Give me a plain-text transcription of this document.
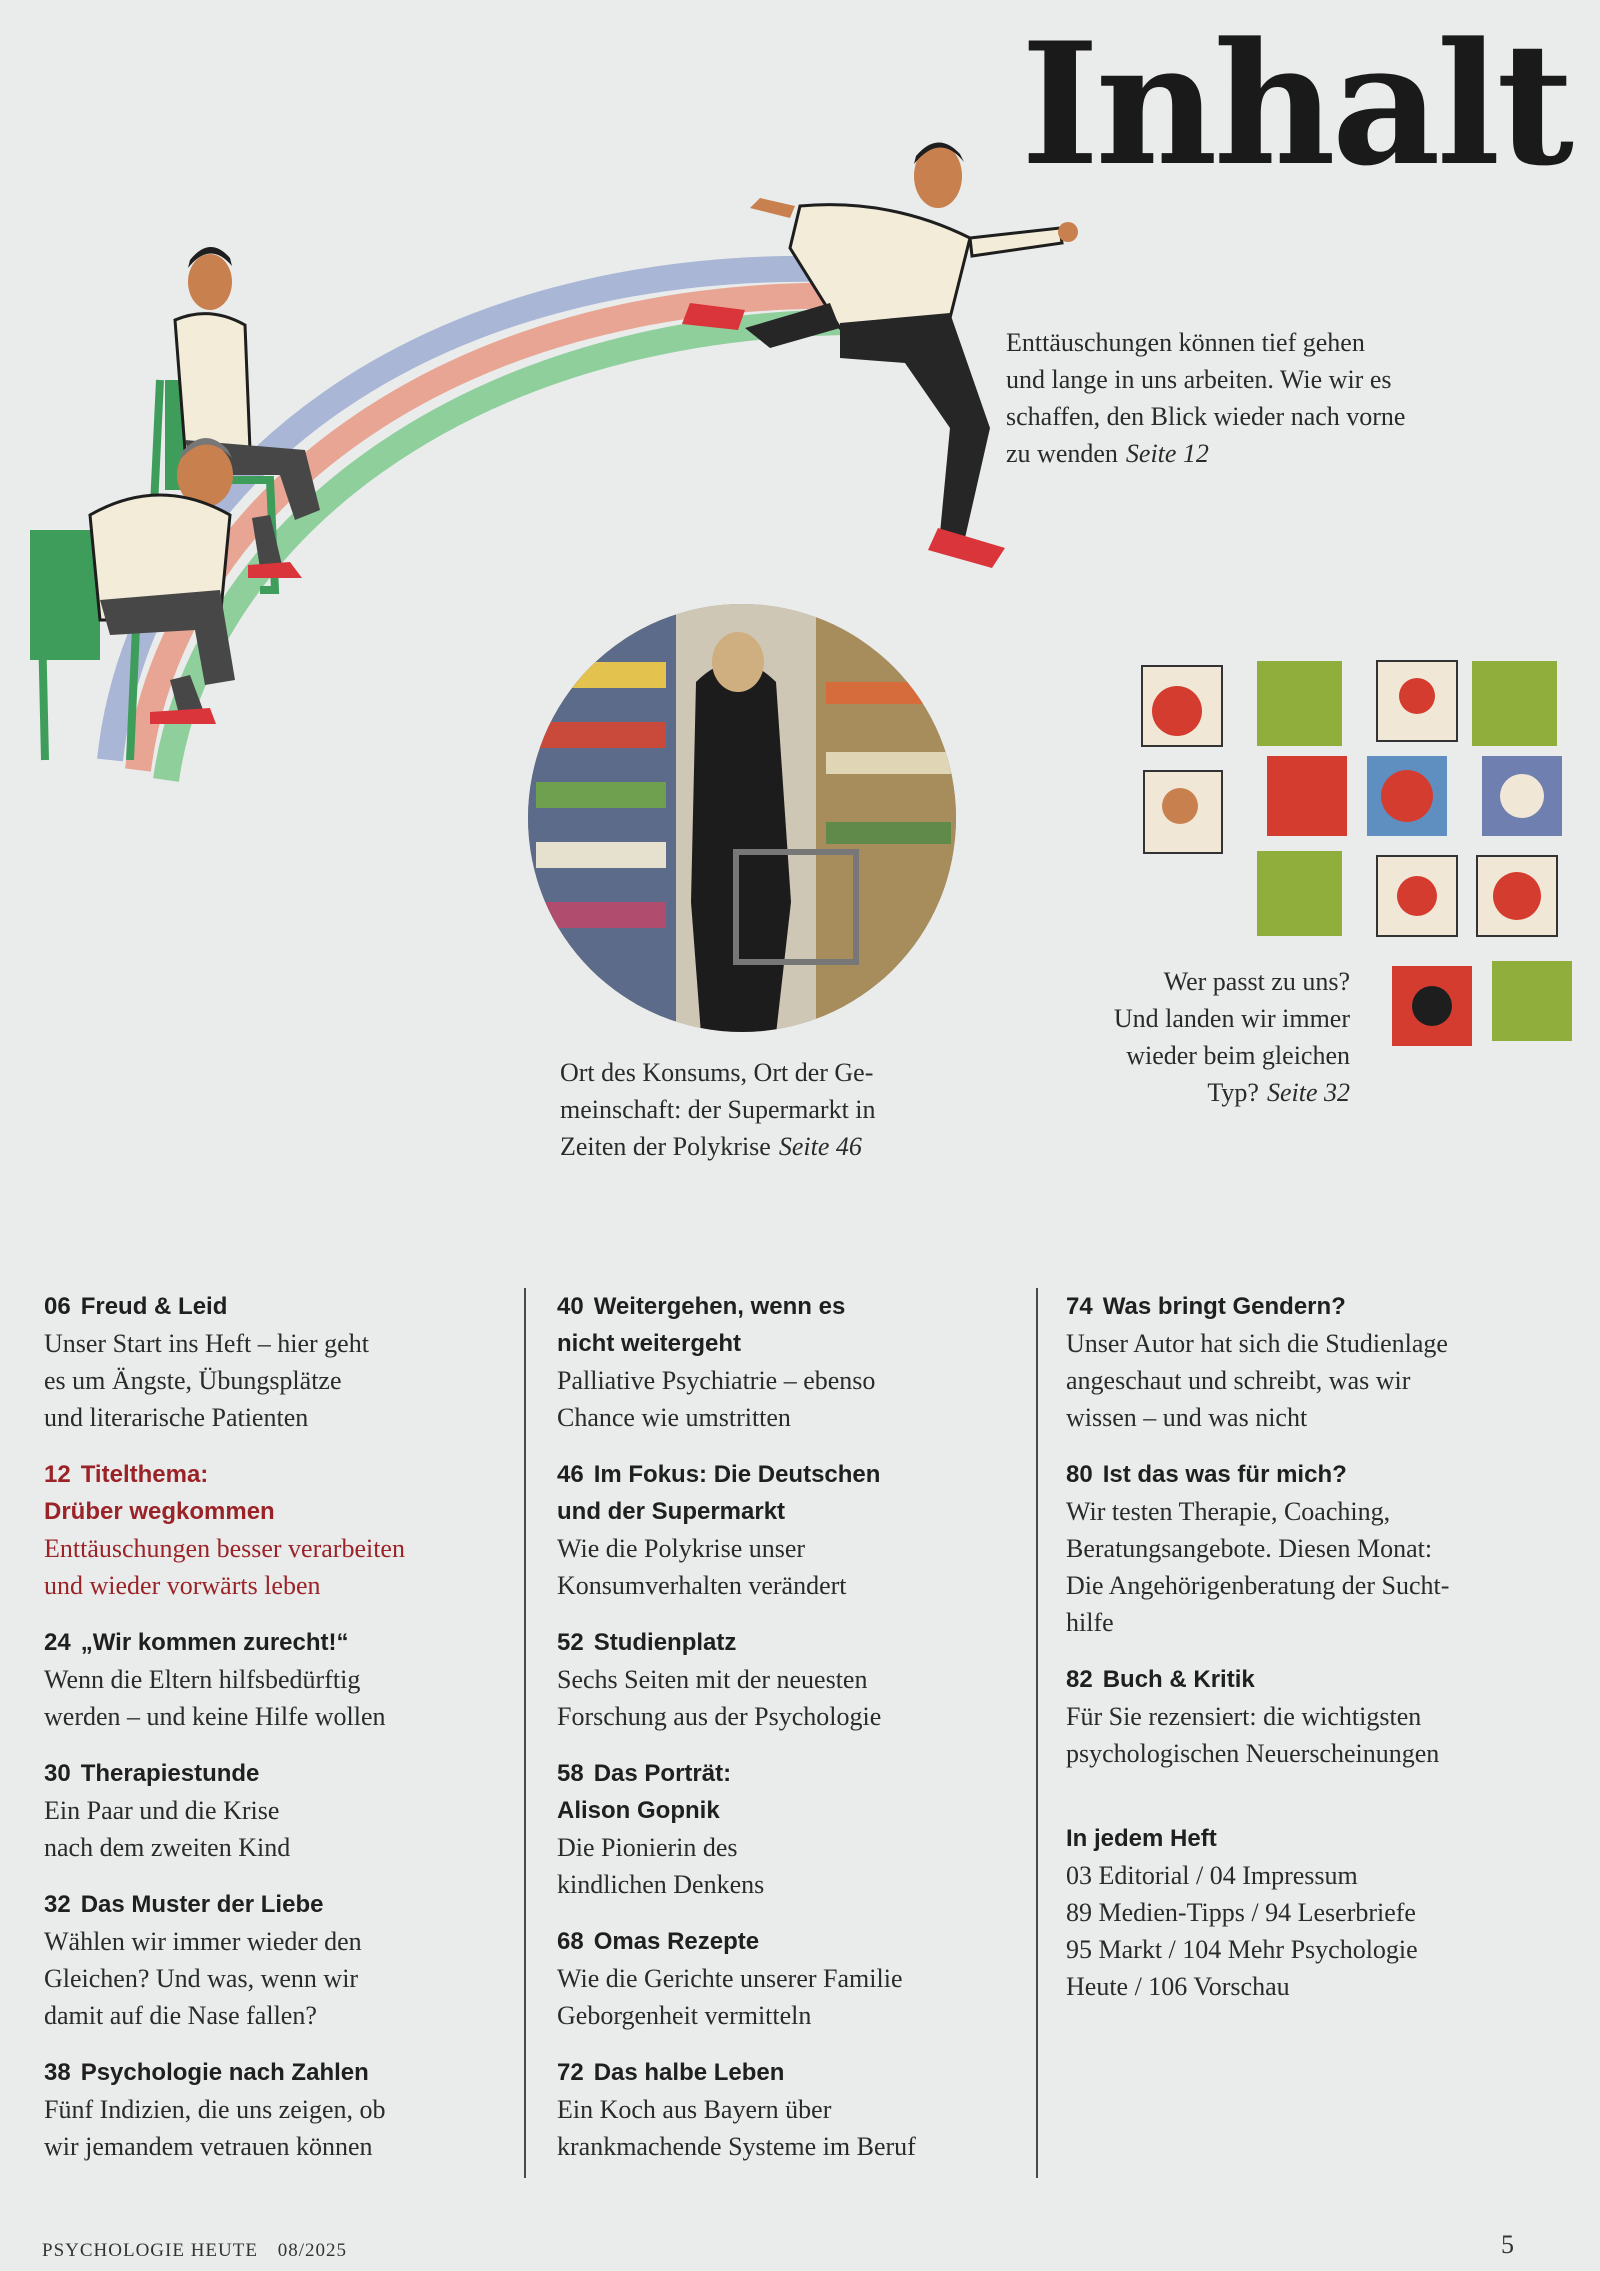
Inhalt
Enttäuschungen können tief gehen
und lange in uns arbeiten. Wie wir es
schaffen, den Blick wieder nach vorne
zu wenden Seite 12
Ort des Konsums, Ort der Ge-
meinschaft: der Supermarkt in
Zeiten der Polykrise Seite 46
Wer passt zu uns?
Und landen wir immer
wieder beim gleichen
Typ? Seite 32
06 Freud & Leid
Unser Start ins Heft – hier geht
es um Ängste, Übungsplätze
und literarische Patienten
12 Titelthema:
Drüber wegkommen
Enttäuschungen besser verarbeiten
und wieder vorwärts leben
24 „Wir kommen zurecht!“
Wenn die Eltern hilfsbedürftig
werden – und keine Hilfe wollen
30 Therapiestunde
Ein Paar und die Krise
nach dem zweiten Kind
32 Das Muster der Liebe
Wählen wir immer wieder den
Gleichen? Und was, wenn wir
damit auf die Nase fallen?
38 Psychologie nach Zahlen
Fünf Indizien, die uns zeigen, ob
wir jemandem vetrauen können
40 Weitergehen, wenn es
nicht weitergeht
Palliative Psychiatrie – ebenso
Chance wie umstritten
46 Im Fokus: Die Deutschen
und der Supermarkt
Wie die Polykrise unser
Konsumverhalten verändert
52 Studienplatz
Sechs Seiten mit der neuesten
Forschung aus der Psychologie
58 Das Porträt:
Alison Gopnik
Die Pionierin des
kindlichen Denkens
68 Omas Rezepte
Wie die Gerichte unserer Familie
Geborgenheit vermitteln
72 Das halbe Leben
Ein Koch aus Bayern über
krankmachende Systeme im Beruf
74 Was bringt Gendern?
Unser Autor hat sich die Studienlage
angeschaut und schreibt, was wir
wissen – und was nicht
80 Ist das was für mich?
Wir testen Therapie, Coaching,
Beratungsangebote. Diesen Monat:
Die Angehörigenberatung der Sucht-
hilfe
82 Buch & Kritik
Für Sie rezensiert: die wichtigsten
psychologischen Neuerscheinungen
In jedem Heft
03 Editorial / 04 Impressum
89 Medien-Tipps / 94 Leserbriefe
95 Markt / 104 Mehr Psychologie
Heute / 106 Vorschau
PSYCHOLOGIE HEUTE 08/2025	5
